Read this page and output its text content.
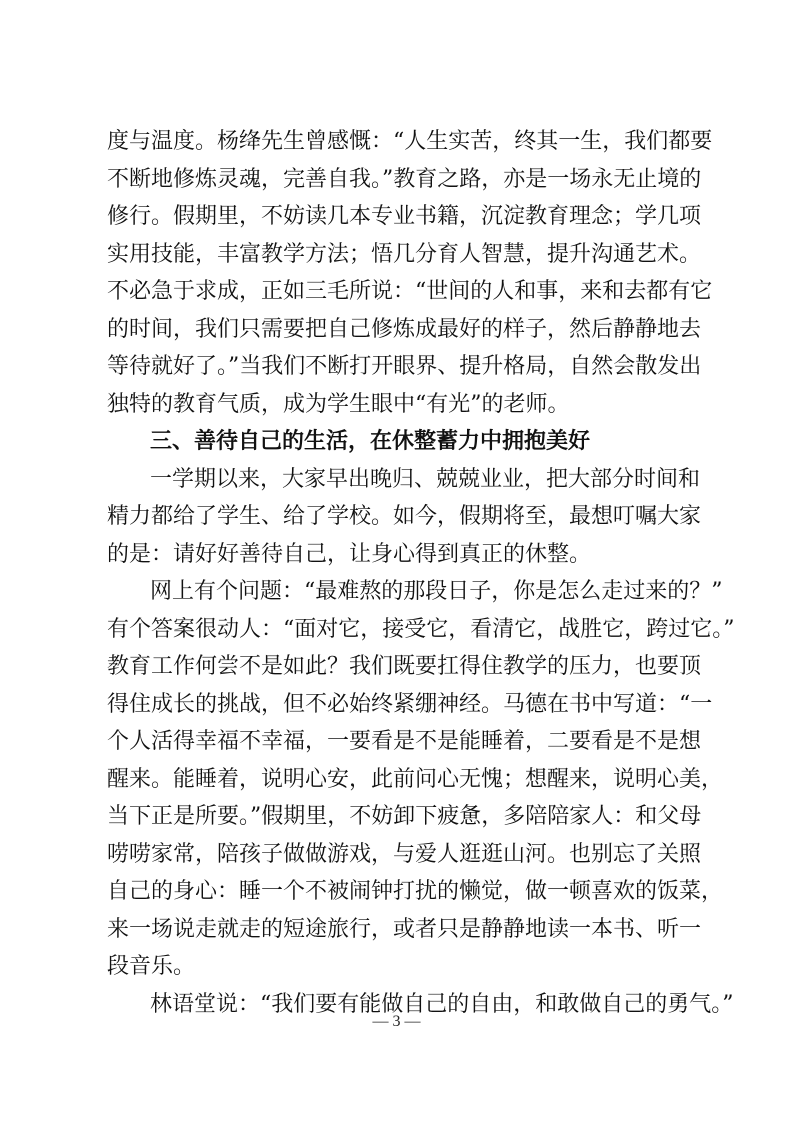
度与温度。杨绛先生曾感慨：“人生实苦，终其一生，我们都要
不断地修炼灵魂，完善自我。”教育之路，亦是一场永无止境的
修行。假期里，不妨读几本专业书籍，沉淀教育理念；学几项
实用技能，丰富教学方法；悟几分育人智慧，提升沟通艺术。
不必急于求成，正如三毛所说：“世间的人和事，来和去都有它
的时间，我们只需要把自己修炼成最好的样子，然后静静地去
等待就好了。”当我们不断打开眼界、提升格局，自然会散发出
独特的教育气质，成为学生眼中“有光”的老师。
三、善待自己的生活，在休整蓄力中拥抱美好
一学期以来，大家早出晚归、兢兢业业，把大部分时间和
精力都给了学生、给了学校。如今，假期将至，最想叮嘱大家
的是：请好好善待自己，让身心得到真正的休整。
网上有个问题：“最难熬的那段日子，你是怎么走过来的？”
有个答案很动人：“面对它，接受它，看清它，战胜它，跨过它。”
教育工作何尝不是如此？我们既要扛得住教学的压力，也要顶
得住成长的挑战，但不必始终紧绷神经。马德在书中写道：“一
个人活得幸福不幸福，一要看是不是能睡着，二要看是不是想
醒来。能睡着，说明心安，此前问心无愧；想醒来，说明心美，
当下正是所要。”假期里，不妨卸下疲惫，多陪陪家人：和父母
唠唠家常，陪孩子做做游戏，与爱人逛逛山河。也别忘了关照
自己的身心：睡一个不被闹钟打扰的懒觉，做一顿喜欢的饭菜，
来一场说走就走的短途旅行，或者只是静静地读一本书、听一
段音乐。
林语堂说：“我们要有能做自己的自由，和敢做自己的勇气。”
— 3 —
